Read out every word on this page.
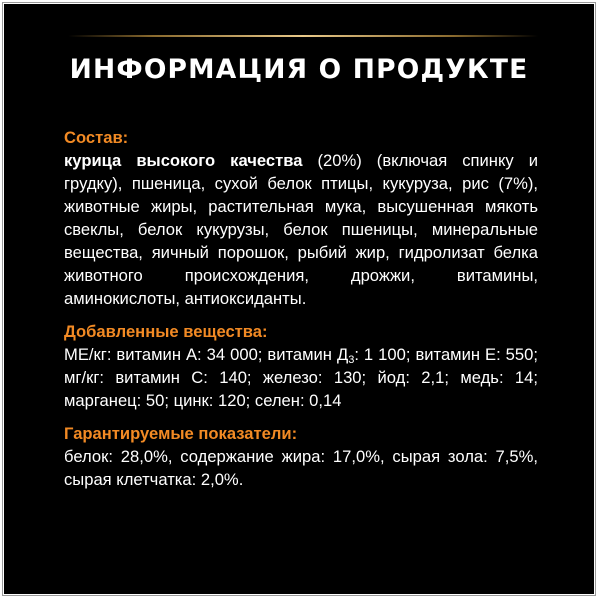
ИНФОРМАЦИЯ О ПРОДУКТЕ

Состав:
курица высокого качества (20%) (включая спинку и грудку), пшеница, сухой белок птицы, кукуруза, рис (7%), животные жиры, растительная мука, высушенная мякоть свеклы, белок кукурузы, белок пшеницы, минеральные вещества, яичный порошок, рыбий жир, гидролизат белка животного происхождения, дрожжи, витамины, аминокислоты, антиоксиданты.

Добавленные вещества:
МЕ/кг: витамин А: 34 000; витамин $Д_3$: 1 100; витамин Е: 550; мг/кг: витамин С: 140; железо: 130; йод: 2,1; медь: 14; марганец: 50; цинк: 120; селен: 0,14

Гарантируемые показатели:
белок: 28,0%, содержание жира: 17,0%, сырая зола: 7,5%, сырая клетчатка: 2,0%.
